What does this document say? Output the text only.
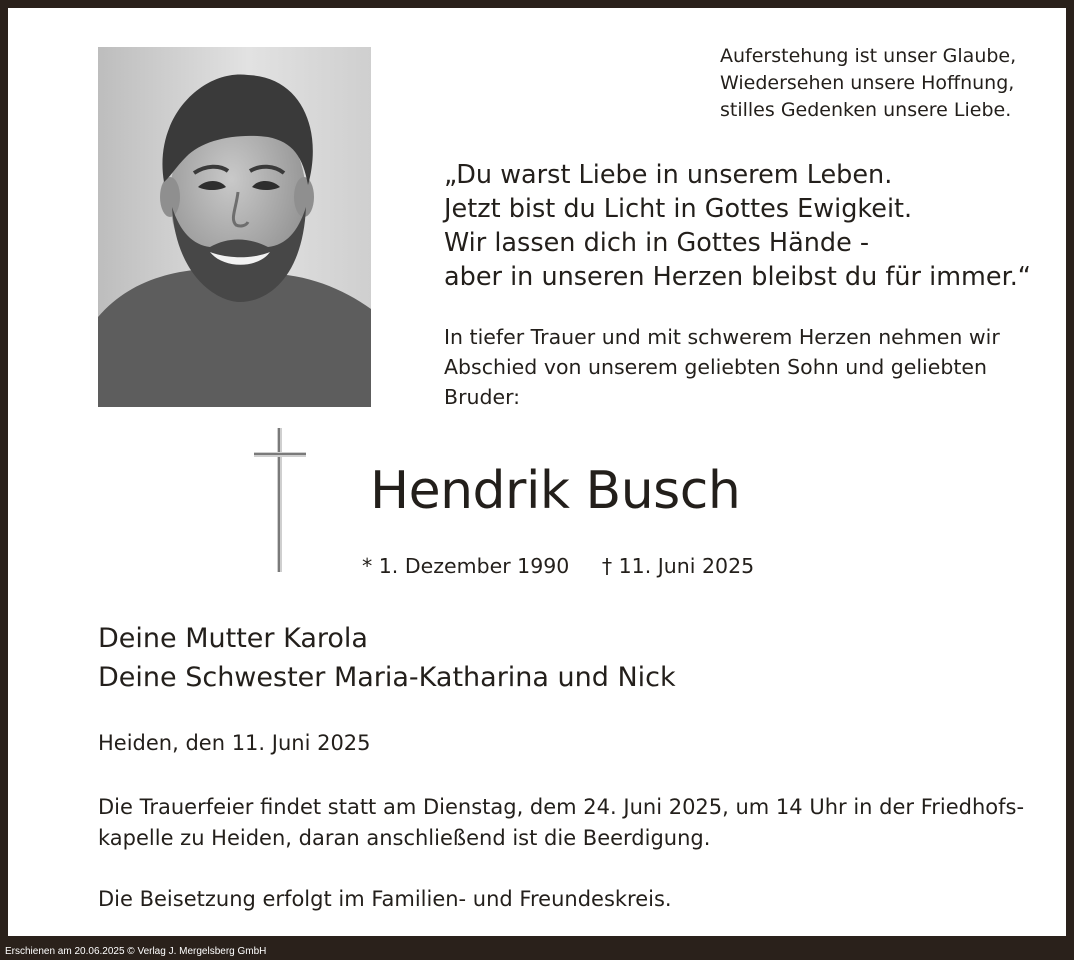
Auferstehung ist unser Glaube,
Wiedersehen unsere Hoffnung,
stilles Gedenken unsere Liebe.
„Du warst Liebe in unserem Leben.
Jetzt bist du Licht in Gottes Ewigkeit.
Wir lassen dich in Gottes Hände -
aber in unseren Herzen bleibst du für immer.“
In tiefer Trauer und mit schwerem Herzen nehmen wir
Abschied von unserem geliebten Sohn und geliebten
Bruder:
Hendrik Busch
* 1. Dezember 1990 † 11. Juni 2025
Deine Mutter Karola
Deine Schwester Maria-Katharina und Nick
Heiden, den 11. Juni 2025
Die Trauerfeier findet statt am Dienstag, dem 24. Juni 2025, um 14 Uhr in der Friedhofs-
kapelle zu Heiden, daran anschließend ist die Beerdigung.
Die Beisetzung erfolgt im Familien- und Freundeskreis.
Erschienen am 20.06.2025 © Verlag J. Mergelsberg GmbH
